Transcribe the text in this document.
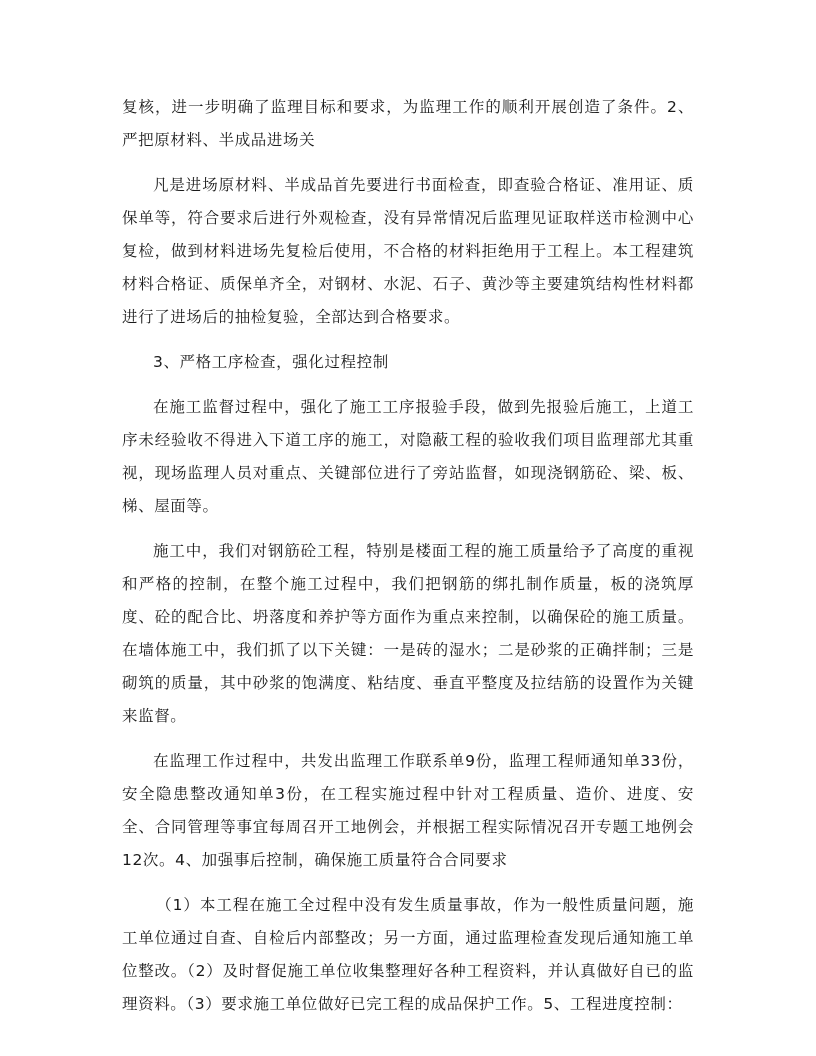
复核，进一步明确了监理目标和要求，为监理工作的顺利开展创造了条件。2、严把原材料、半成品进场关

凡是进场原材料、半成品首先要进行书面检查，即查验合格证、准用证、质保单等，符合要求后进行外观检查，没有异常情况后监理见证取样送市检测中心复检，做到材料进场先复检后使用，不合格的材料拒绝用于工程上。本工程建筑材料合格证、质保单齐全，对钢材、水泥、石子、黄沙等主要建筑结构性材料都进行了进场后的抽检复验，全部达到合格要求。

3、严格工序检查，强化过程控制

在施工监督过程中，强化了施工工序报验手段，做到先报验后施工，上道工序未经验收不得进入下道工序的施工，对隐蔽工程的验收我们项目监理部尤其重视，现场监理人员对重点、关键部位进行了旁站监督，如现浇钢筋砼、梁、板、梯、屋面等。

施工中，我们对钢筋砼工程，特别是楼面工程的施工质量给予了高度的重视和严格的控制，在整个施工过程中，我们把钢筋的绑扎制作质量，板的浇筑厚度、砼的配合比、坍落度和养护等方面作为重点来控制，以确保砼的施工质量。在墙体施工中，我们抓了以下关键：一是砖的湿水；二是砂浆的正确拌制；三是砌筑的质量，其中砂浆的饱满度、粘结度、垂直平整度及拉结筋的设置作为关键来监督。

在监理工作过程中，共发出监理工作联系单9份，监理工程师通知单33份，安全隐患整改通知单3份，在工程实施过程中针对工程质量、造价、进度、安全、合同管理等事宜每周召开工地例会，并根据工程实际情况召开专题工地例会12次。4、加强事后控制，确保施工质量符合合同要求

（1）本工程在施工全过程中没有发生质量事故，作为一般性质量问题，施工单位通过自查、自检后内部整改；另一方面，通过监理检查发现后通知施工单位整改。（2）及时督促施工单位收集整理好各种工程资料，并认真做好自已的监理资料。（3）要求施工单位做好已完工程的成品保护工作。5、工程进度控制：
